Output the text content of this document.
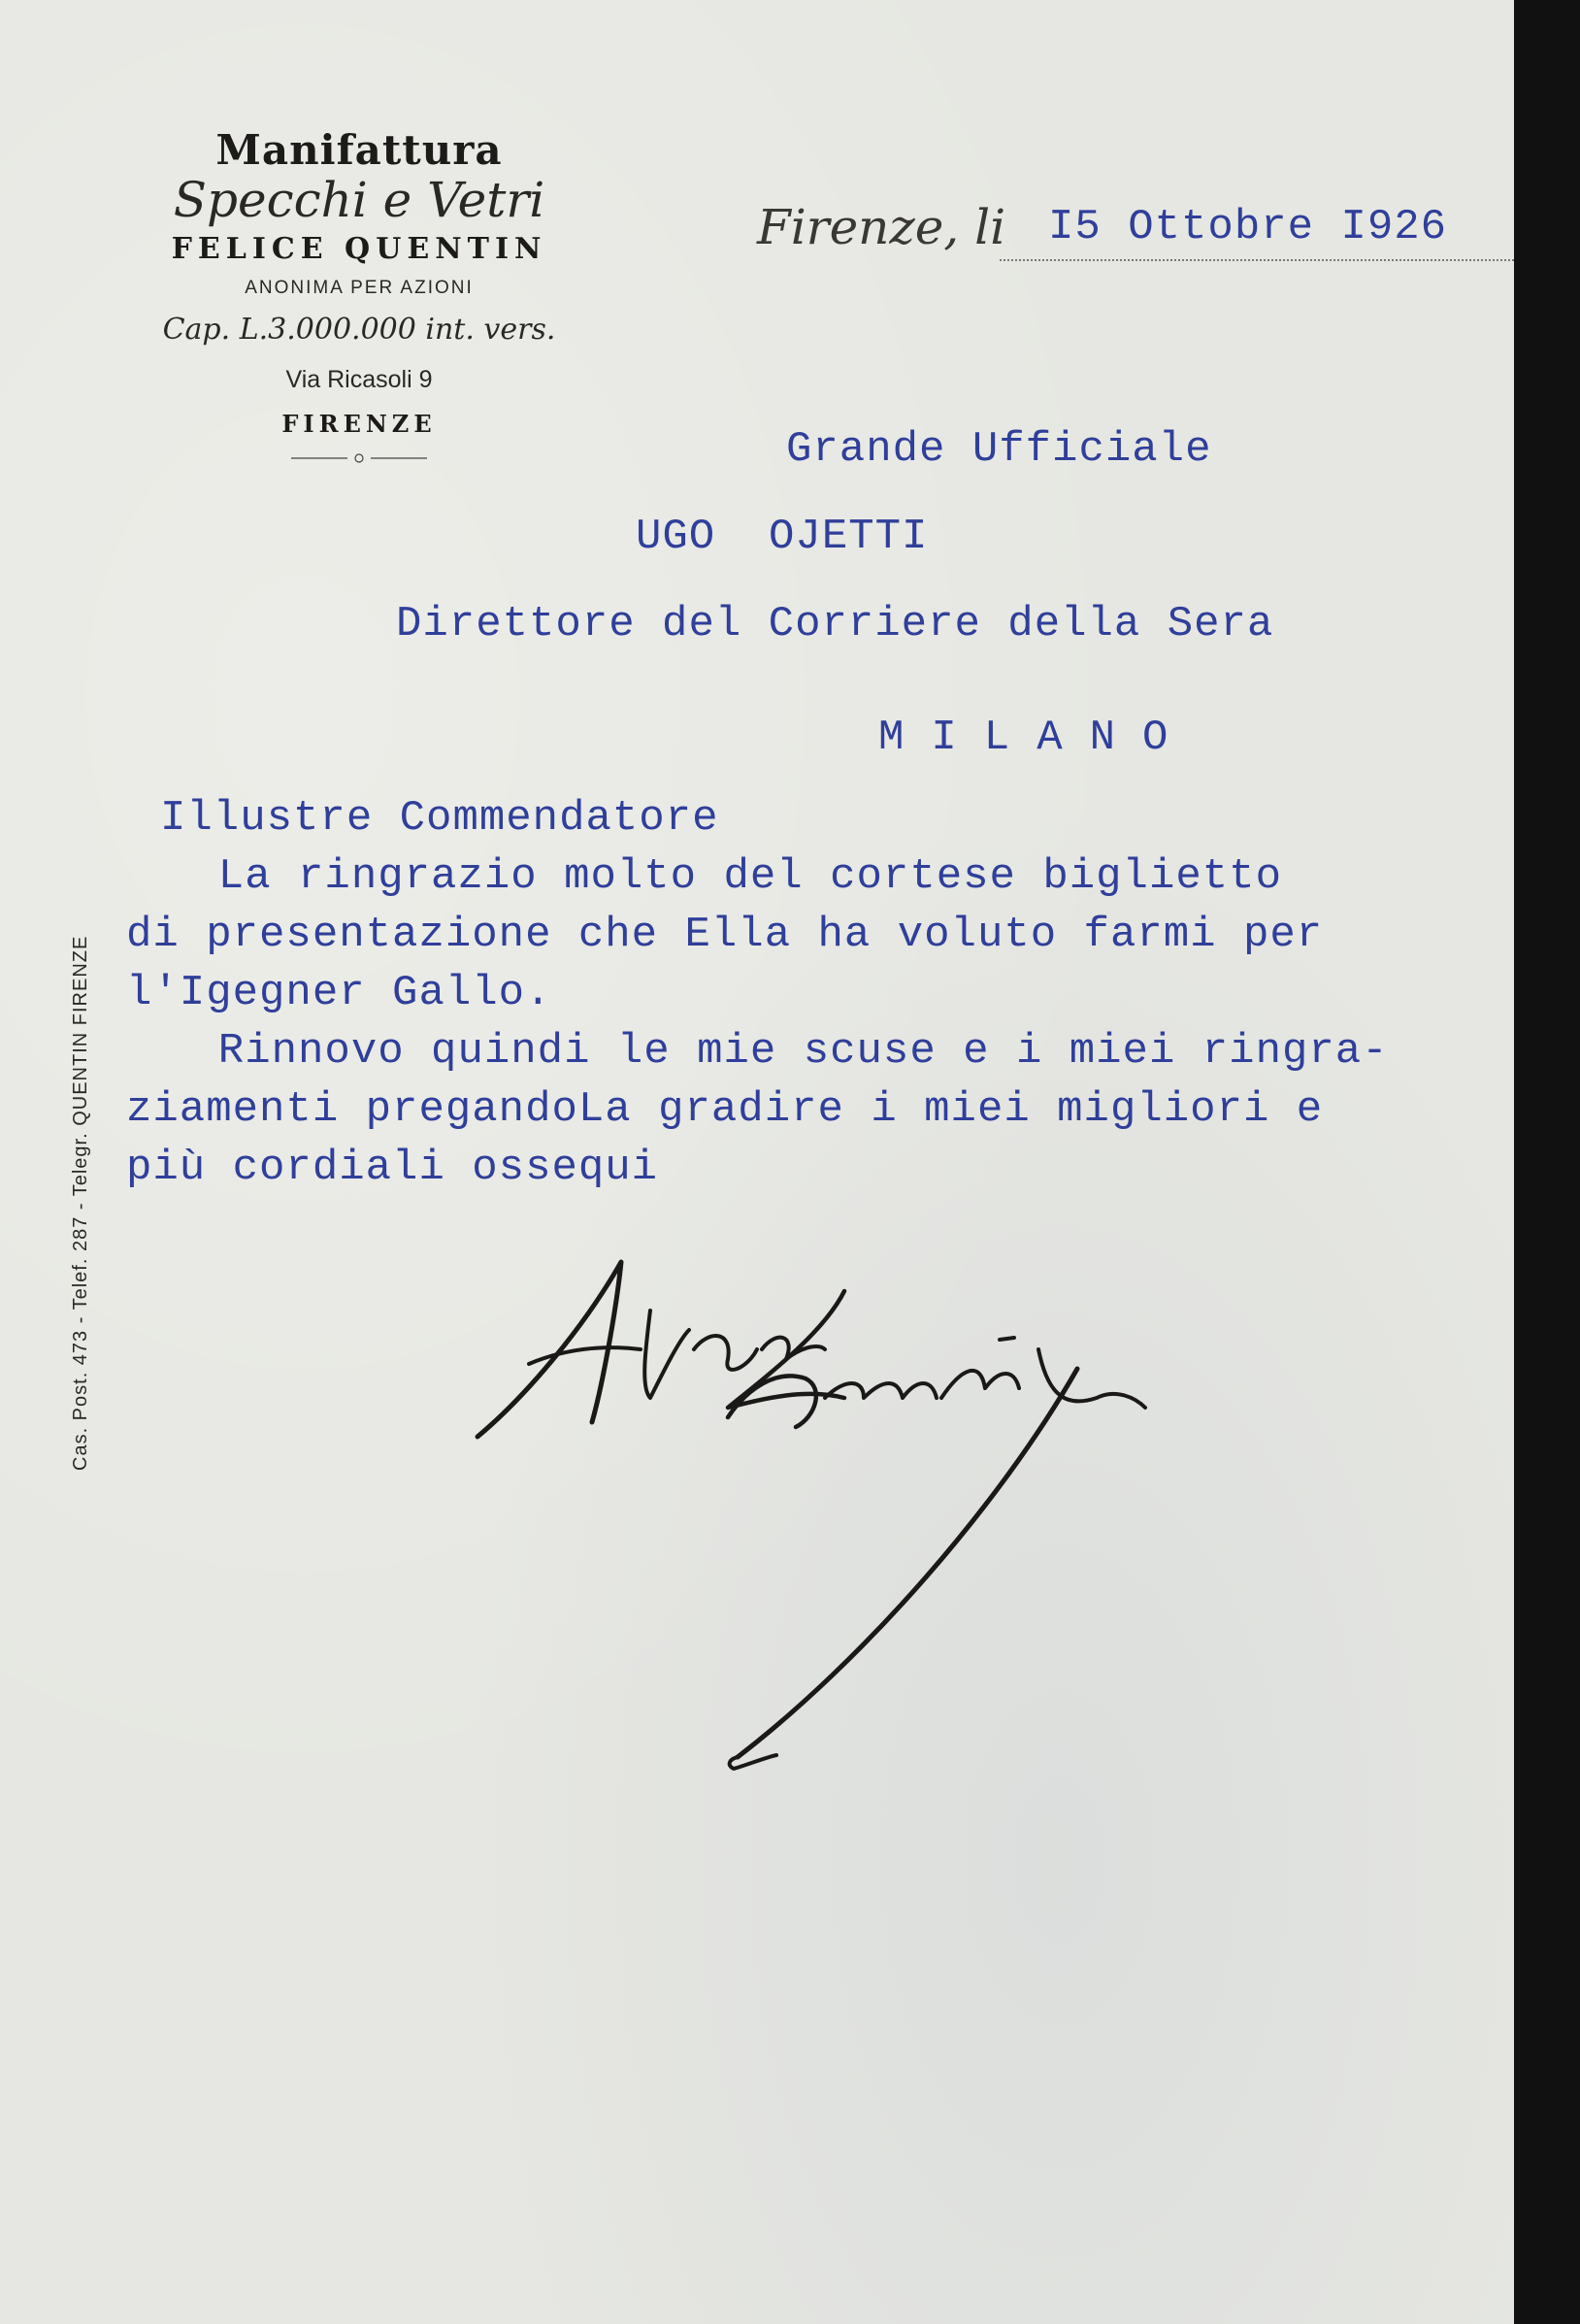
Manifattura
Specchi e Vetri
FELICE QUENTIN
ANONIMA PER AZIONI
Cap. L.3.000.000 int. vers.
Via Ricasoli 9
FIRENZE
Cas. Post. 473 - Telef. 287 - Telegr. QUENTIN FIRENZE
Firenze, li I5 Ottobre I926
Grande Ufficiale
UGO  OJETTI
Direttore del Corriere della Sera
MILANO
Illustre Commendatore
La ringrazio molto del cortese biglietto
di presentazione che Ella ha voluto farmi per
l'Igegner Gallo.
Rinnovo quindi le mie scuse e i miei ringra-
ziamenti pregandoLa gradire i miei migliori e
più cordiali ossequi
